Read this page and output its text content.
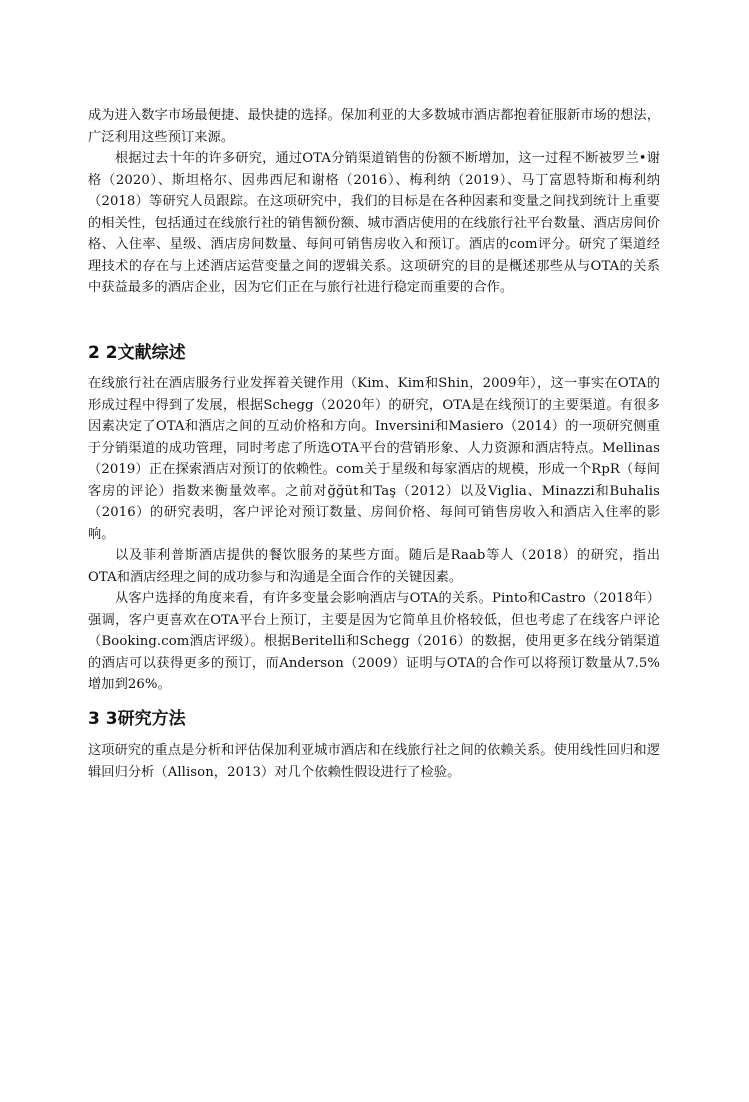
成为进入数字市场最便捷、最快捷的选择。保加利亚的大多数城市酒店都抱着征服新市场的想法，广泛利用这些预订来源。

根据过去十年的许多研究，通过OTA分销渠道销售的份额不断增加，这一过程不断被罗兰•谢格（2020）、斯坦格尔、因弗西尼和谢格（2016）、梅利纳（2019）、马丁富恩特斯和梅利纳（2018）等研究人员跟踪。在这项研究中，我们的目标是在各种因素和变量之间找到统计上重要的相关性，包括通过在线旅行社的销售额份额、城市酒店使用的在线旅行社平台数量、酒店房间价格、入住率、星级、酒店房间数量、每间可销售房收入和预订。酒店的com评分。研究了渠道经理技术的存在与上述酒店运营变量之间的逻辑关系。这项研究的目的是概述那些从与OTA的关系中获益最多的酒店企业，因为它们正在与旅行社进行稳定而重要的合作。

2 2文献综述

在线旅行社在酒店服务行业发挥着关键作用（Kim、Kim和Shin，2009年），这一事实在OTA的形成过程中得到了发展，根据Schegg（2020年）的研究，OTA是在线预订的主要渠道。有很多因素决定了OTA和酒店之间的互动价格和方向。Inversini和Masiero（2014）的一项研究侧重于分销渠道的成功管理，同时考虑了所选OTA平台的营销形象、人力资源和酒店特点。Mellinas（2019）正在探索酒店对预订的依赖性。com关于星级和每家酒店的规模，形成一个RpR（每间客房的评论）指数来衡量效率。之前对ğğüt和Taş（2012）以及Viglia、Minazzi和Buhalis（2016）的研究表明，客户评论对预订数量、房间价格、每间可销售房收入和酒店入住率的影响。

以及菲利普斯酒店提供的餐饮服务的某些方面。随后是Raab等人（2018）的研究，指出OTA和酒店经理之间的成功参与和沟通是全面合作的关键因素。

从客户选择的角度来看，有许多变量会影响酒店与OTA的关系。Pinto和Castro（2018年）强调，客户更喜欢在OTA平台上预订，主要是因为它简单且价格较低，但也考虑了在线客户评论（Booking.com酒店评级）。根据Beritelli和Schegg（2016）的数据，使用更多在线分销渠道的酒店可以获得更多的预订，而Anderson（2009）证明与OTA的合作可以将预订数量从7.5%增加到26%。

3 3研究方法

这项研究的重点是分析和评估保加利亚城市酒店和在线旅行社之间的依赖关系。使用线性回归和逻辑回归分析（Allison，2013）对几个依赖性假设进行了检验。
